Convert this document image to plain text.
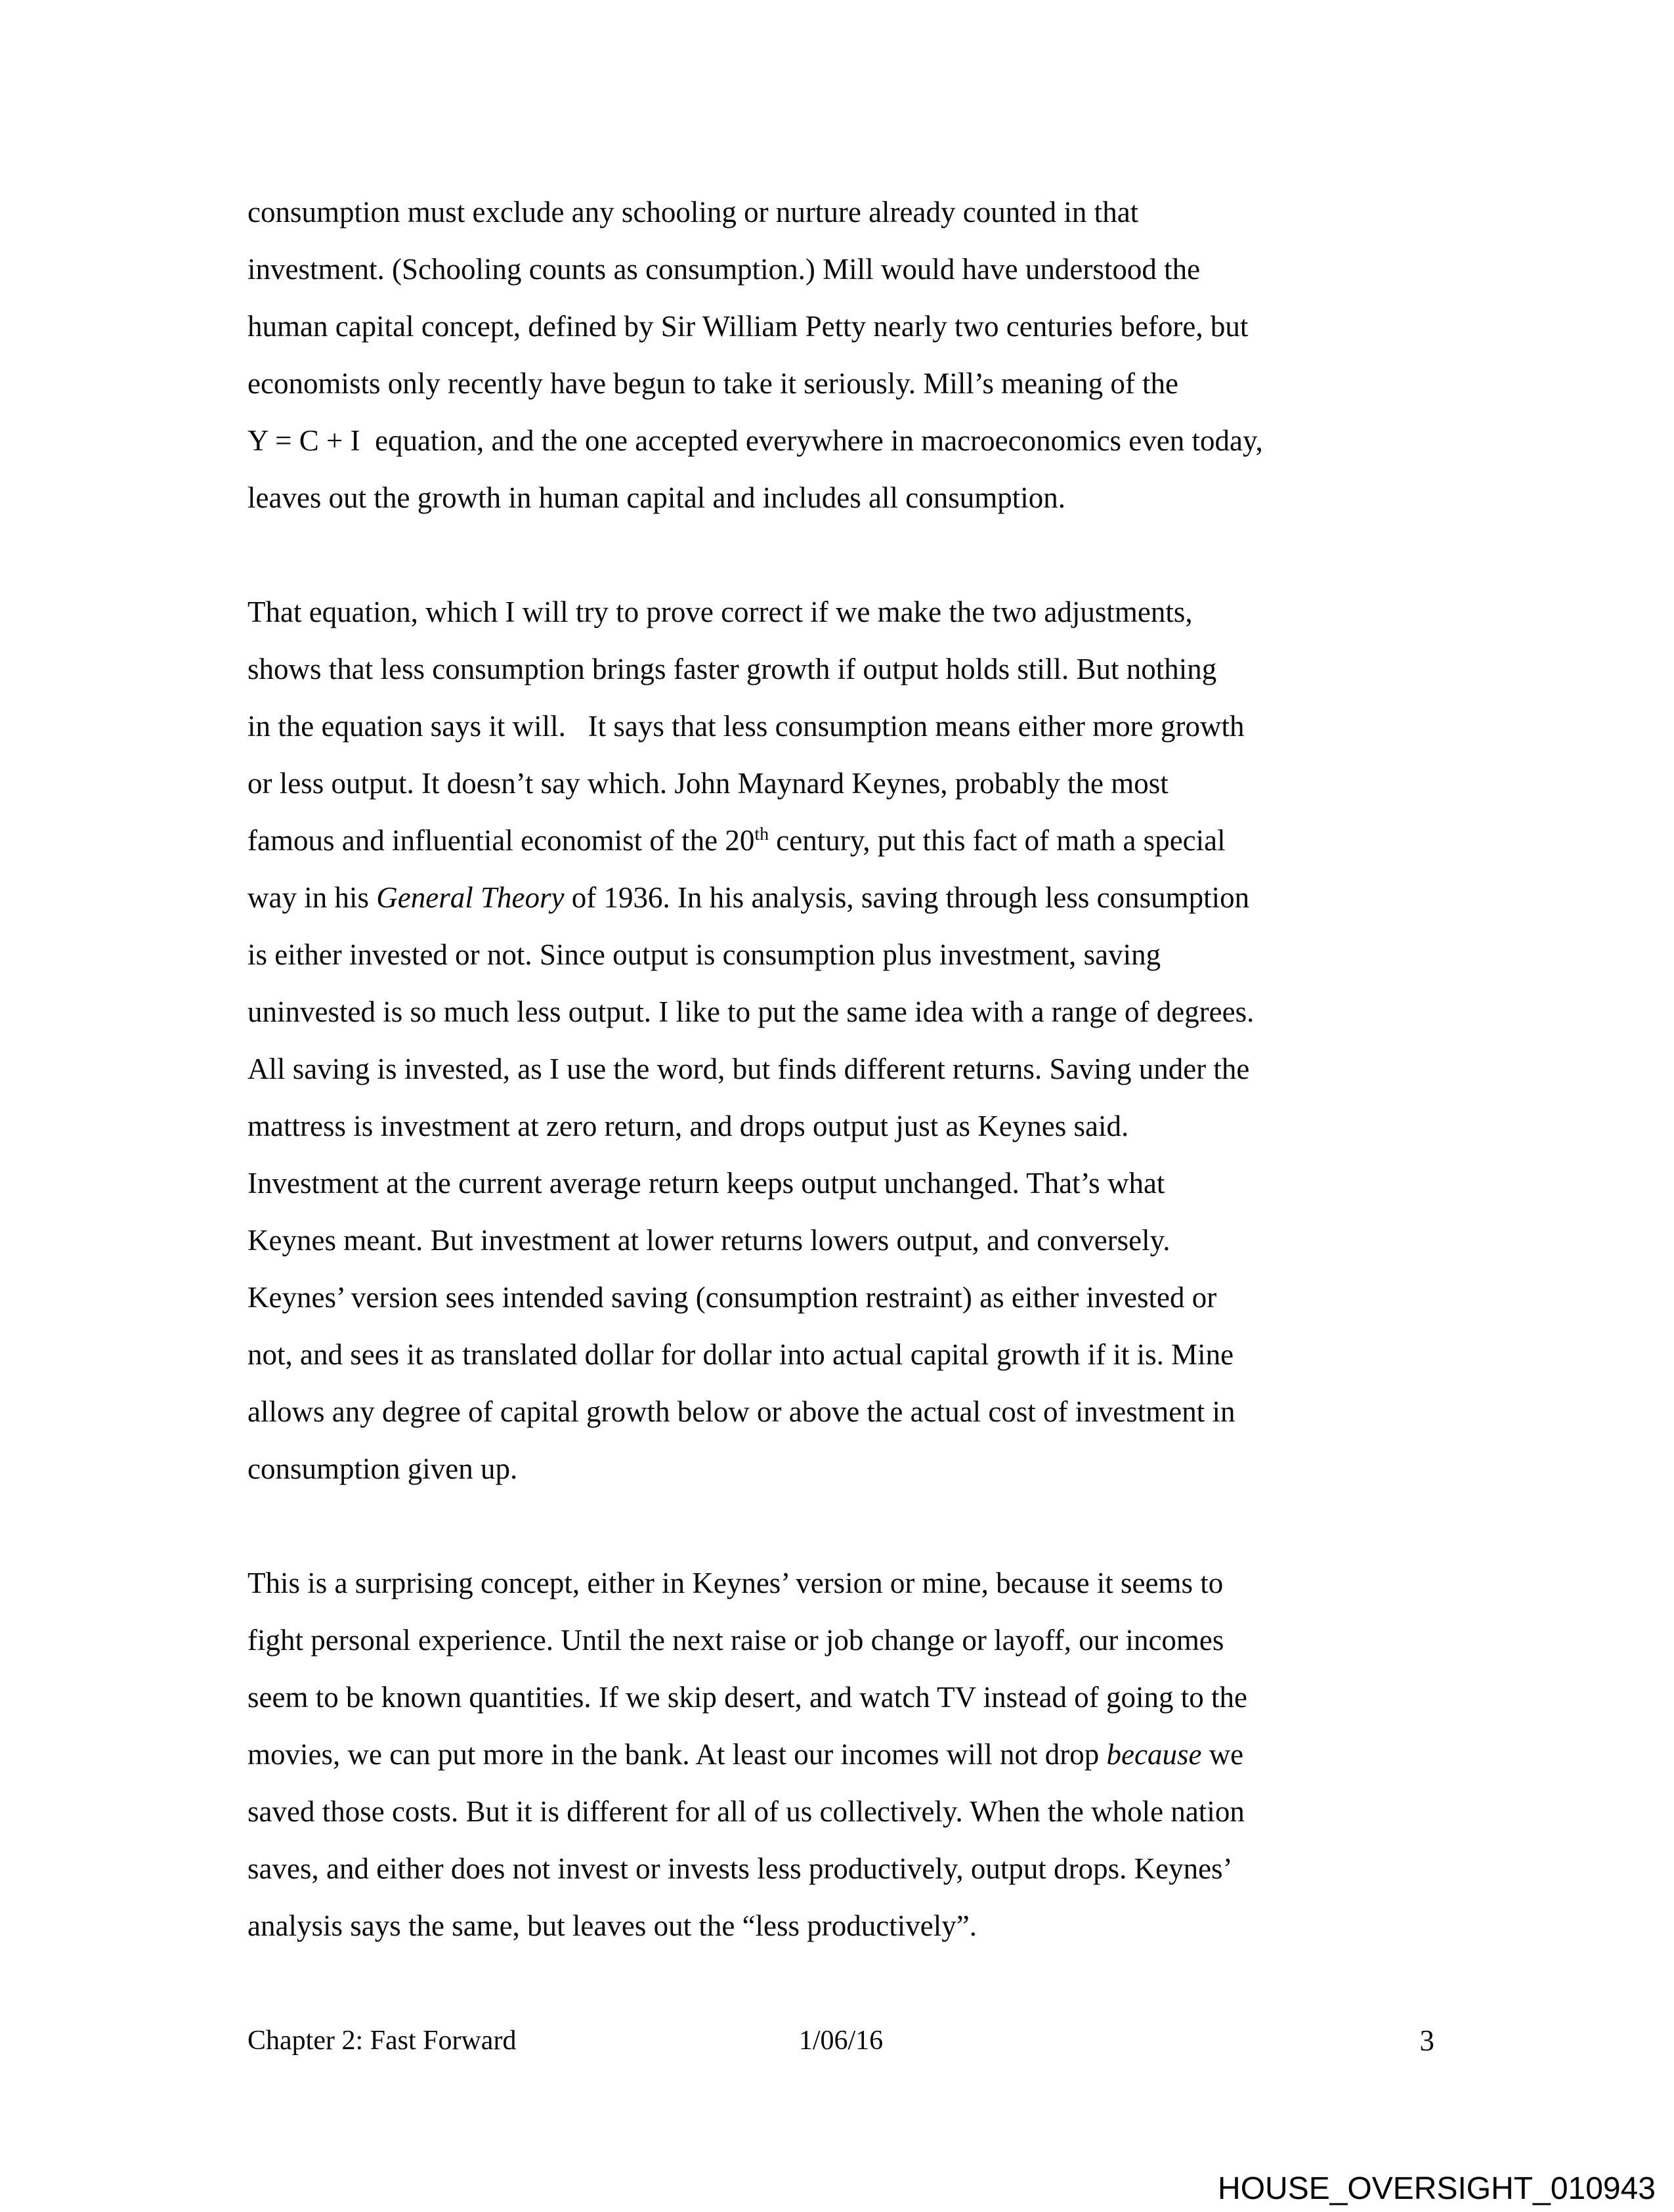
consumption must exclude any schooling or nurture already counted in that
investment. (Schooling counts as consumption.) Mill would have understood the
human capital concept, defined by Sir William Petty nearly two centuries before, but
economists only recently have begun to take it seriously. Mill’s meaning of the
Y = C + I  equation, and the one accepted everywhere in macroeconomics even today,
leaves out the growth in human capital and includes all consumption.
That equation, which I will try to prove correct if we make the two adjustments,
shows that less consumption brings faster growth if output holds still. But nothing
in the equation says it will.   It says that less consumption means either more growth
or less output. It doesn’t say which. John Maynard Keynes, probably the most
famous and influential economist of the 20th century, put this fact of math a special
way in his General Theory of 1936. In his analysis, saving through less consumption
is either invested or not. Since output is consumption plus investment, saving
uninvested is so much less output. I like to put the same idea with a range of degrees.
All saving is invested, as I use the word, but finds different returns. Saving under the
mattress is investment at zero return, and drops output just as Keynes said.
Investment at the current average return keeps output unchanged. That’s what
Keynes meant. But investment at lower returns lowers output, and conversely.
Keynes’ version sees intended saving (consumption restraint) as either invested or
not, and sees it as translated dollar for dollar into actual capital growth if it is. Mine
allows any degree of capital growth below or above the actual cost of investment in
consumption given up.
This is a surprising concept, either in Keynes’ version or mine, because it seems to
fight personal experience. Until the next raise or job change or layoff, our incomes
seem to be known quantities. If we skip desert, and watch TV instead of going to the
movies, we can put more in the bank. At least our incomes will not drop because we
saved those costs. But it is different for all of us collectively. When the whole nation
saves, and either does not invest or invests less productively, output drops. Keynes’
analysis says the same, but leaves out the “less productively”.
Chapter 2: Fast Forward	1/06/16	3
HOUSE_OVERSIGHT_010943
